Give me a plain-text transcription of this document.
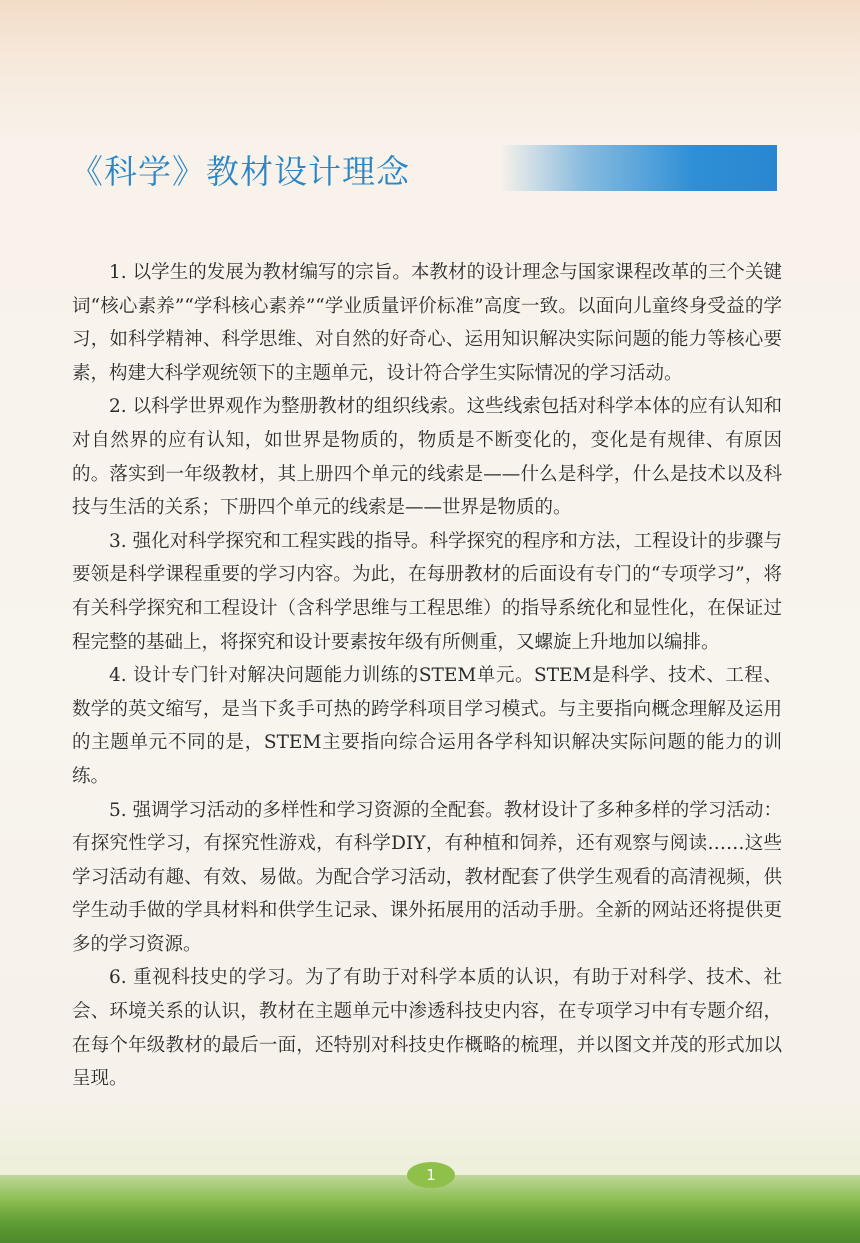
《科学》教材设计理念

1. 以学生的发展为教材编写的宗旨。本教材的设计理念与国家课程改革的三个关键词“核心素养”“学科核心素养”“学业质量评价标准”高度一致。以面向儿童终身受益的学习，如科学精神、科学思维、对自然的好奇心、运用知识解决实际问题的能力等核心要素，构建大科学观统领下的主题单元，设计符合学生实际情况的学习活动。

2. 以科学世界观作为整册教材的组织线索。这些线索包括对科学本体的应有认知和对自然界的应有认知，如世界是物质的，物质是不断变化的，变化是有规律、有原因的。落实到一年级教材，其上册四个单元的线索是——什么是科学，什么是技术以及科技与生活的关系；下册四个单元的线索是——世界是物质的。

3. 强化对科学探究和工程实践的指导。科学探究的程序和方法，工程设计的步骤与要领是科学课程重要的学习内容。为此，在每册教材的后面设有专门的“专项学习”，将有关科学探究和工程设计（含科学思维与工程思维）的指导系统化和显性化，在保证过程完整的基础上，将探究和设计要素按年级有所侧重，又螺旋上升地加以编排。

4. 设计专门针对解决问题能力训练的STEM单元。STEM是科学、技术、工程、数学的英文缩写，是当下炙手可热的跨学科项目学习模式。与主要指向概念理解及运用的主题单元不同的是，STEM主要指向综合运用各学科知识解决实际问题的能力的训练。

5. 强调学习活动的多样性和学习资源的全配套。教材设计了多种多样的学习活动：有探究性学习，有探究性游戏，有科学DIY，有种植和饲养，还有观察与阅读……这些学习活动有趣、有效、易做。为配合学习活动，教材配套了供学生观看的高清视频，供学生动手做的学具材料和供学生记录、课外拓展用的活动手册。全新的网站还将提供更多的学习资源。

6. 重视科技史的学习。为了有助于对科学本质的认识，有助于对科学、技术、社会、环境关系的认识，教材在主题单元中渗透科技史内容，在专项学习中有专题介绍，在每个年级教材的最后一面，还特别对科技史作概略的梳理，并以图文并茂的形式加以呈现。

1
